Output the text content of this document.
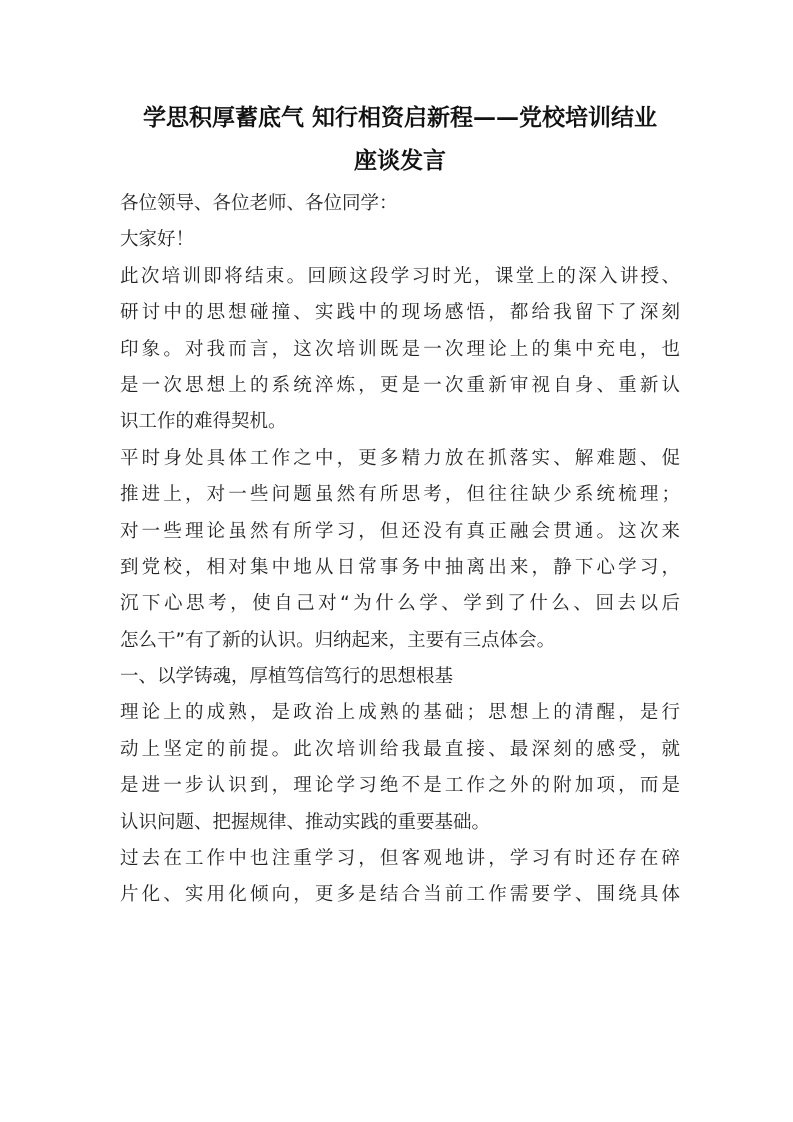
学思积厚蓄底气 知行相资启新程——党校培训结业
座谈发言
各位领导、各位老师、各位同学：
大家好！
此次培训即将结束。回顾这段学习时光，课堂上的深入讲授、
研讨中的思想碰撞、实践中的现场感悟，都给我留下了深刻
印象。对我而言，这次培训既是一次理论上的集中充电，也
是一次思想上的系统淬炼，更是一次重新审视自身、重新认
识工作的难得契机。
平时身处具体工作之中，更多精力放在抓落实、解难题、促
推进上，对一些问题虽然有所思考，但往往缺少系统梳理；
对一些理论虽然有所学习，但还没有真正融会贯通。这次来
到党校，相对集中地从日常事务中抽离出来，静下心学习，
沉下心思考，使自己对“为什么学、学到了什么、回去以后
怎么干”有了新的认识。归纳起来，主要有三点体会。
一、以学铸魂，厚植笃信笃行的思想根基
理论上的成熟，是政治上成熟的基础；思想上的清醒，是行
动上坚定的前提。此次培训给我最直接、最深刻的感受，就
是进一步认识到，理论学习绝不是工作之外的附加项，而是
认识问题、把握规律、推动实践的重要基础。
过去在工作中也注重学习，但客观地讲，学习有时还存在碎
片化、实用化倾向，更多是结合当前工作需要学、围绕具体
